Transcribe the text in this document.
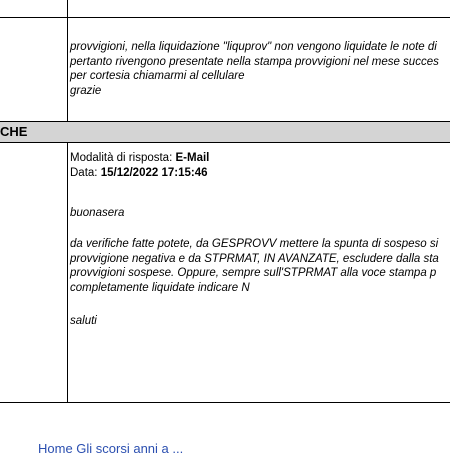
provvigioni, nella liquidazione "liquprov" non vengono liquidate le note di
pertanto rivengono presentate nella stampa provvigioni nel mese succes
per cortesia chiamarmi al cellulare
grazie
CHE
Modalità di risposta: E-Mail
Data: 15/12/2022 17:15:46
buonasera
da verifiche fatte potete, da GESPROVV mettere la spunta di sospeso si
provvigione negativa e da STPRMAT, IN AVANZATE, escludere dalla sta
provvigioni sospese. Oppure, sempre sull'STPRMAT alla voce stampa p
completamente liquidate indicare N
saluti
Home Gli scorsi anni a ...
